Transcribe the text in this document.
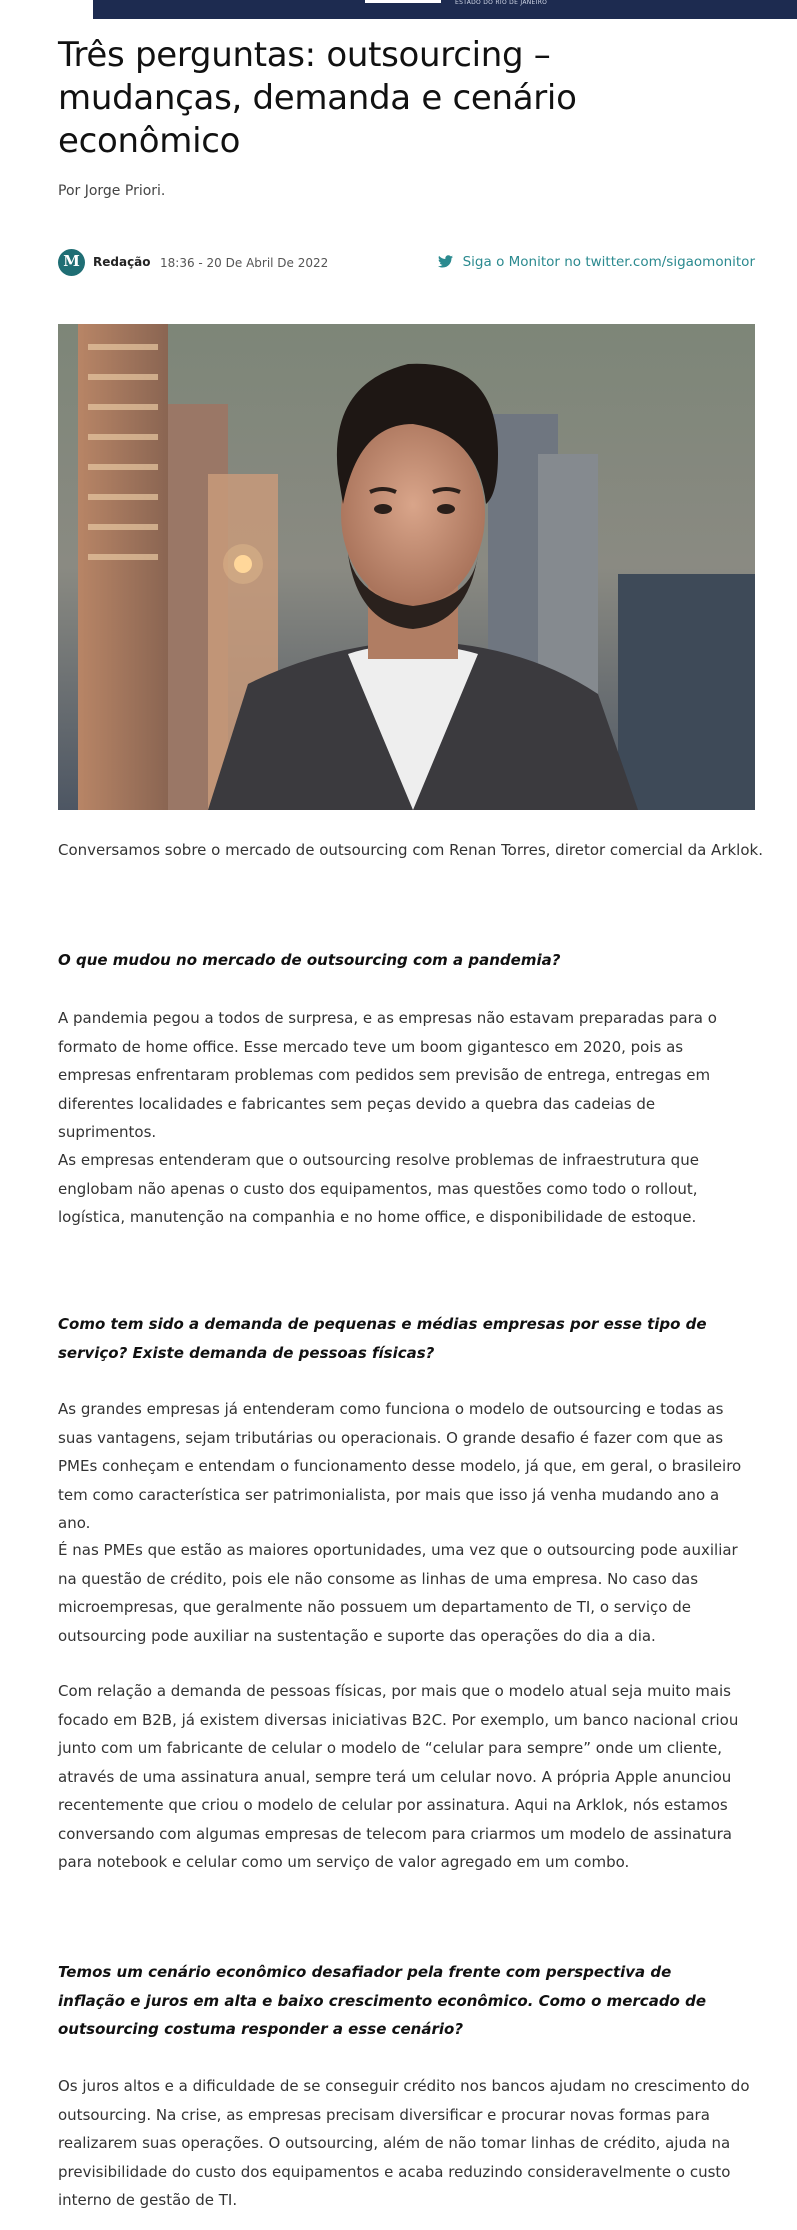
ESTADO DO RIO DE JANEIRO
Três perguntas: outsourcing – mudanças, demanda e cenário econômico
Por Jorge Priori.
M	Redação 18:36 - 20 De Abril De 2022	Siga o Monitor no twitter.com/sigaomonitor

Conversamos sobre o mercado de outsourcing com Renan Torres, diretor comercial da Arklok.

O que mudou no mercado de outsourcing com a pandemia?

A pandemia pegou a todos de surpresa, e as empresas não estavam preparadas para o formato de home office. Esse mercado teve um boom gigantesco em 2020, pois as empresas enfrentaram problemas com pedidos sem previsão de entrega, entregas em diferentes localidades e fabricantes sem peças devido a quebra das cadeias de suprimentos.

As empresas entenderam que o outsourcing resolve problemas de infraestrutura que englobam não apenas o custo dos equipamentos, mas questões como todo o rollout, logística, manutenção na companhia e no home office, e disponibilidade de estoque.

Como tem sido a demanda de pequenas e médias empresas por esse tipo de serviço? Existe demanda de pessoas físicas?

As grandes empresas já entenderam como funciona o modelo de outsourcing e todas as suas vantagens, sejam tributárias ou operacionais. O grande desafio é fazer com que as PMEs conheçam e entendam o funcionamento desse modelo, já que, em geral, o brasileiro tem como característica ser patrimonialista, por mais que isso já venha mudando ano a ano.

É nas PMEs que estão as maiores oportunidades, uma vez que o outsourcing pode auxiliar na questão de crédito, pois ele não consome as linhas de uma empresa. No caso das microempresas, que geralmente não possuem um departamento de TI, o serviço de outsourcing pode auxiliar na sustentação e suporte das operações do dia a dia.

Com relação a demanda de pessoas físicas, por mais que o modelo atual seja muito mais focado em B2B, já existem diversas iniciativas B2C. Por exemplo, um banco nacional criou junto com um fabricante de celular o modelo de “celular para sempre” onde um cliente, através de uma assinatura anual, sempre terá um celular novo. A própria Apple anunciou recentemente que criou o modelo de celular por assinatura. Aqui na Arklok, nós estamos conversando com algumas empresas de telecom para criarmos um modelo de assinatura para notebook e celular como um serviço de valor agregado em um combo.

Temos um cenário econômico desafiador pela frente com perspectiva de inflação e juros em alta e baixo crescimento econômico. Como o mercado de outsourcing costuma responder a esse cenário?

Os juros altos e a dificuldade de se conseguir crédito nos bancos ajudam no crescimento do outsourcing. Na crise, as empresas precisam diversificar e procurar novas formas para realizarem suas operações. O outsourcing, além de não tomar linhas de crédito, ajuda na previsibilidade do custo dos equipamentos e acaba reduzindo consideravelmente o custo interno de gestão de TI.
